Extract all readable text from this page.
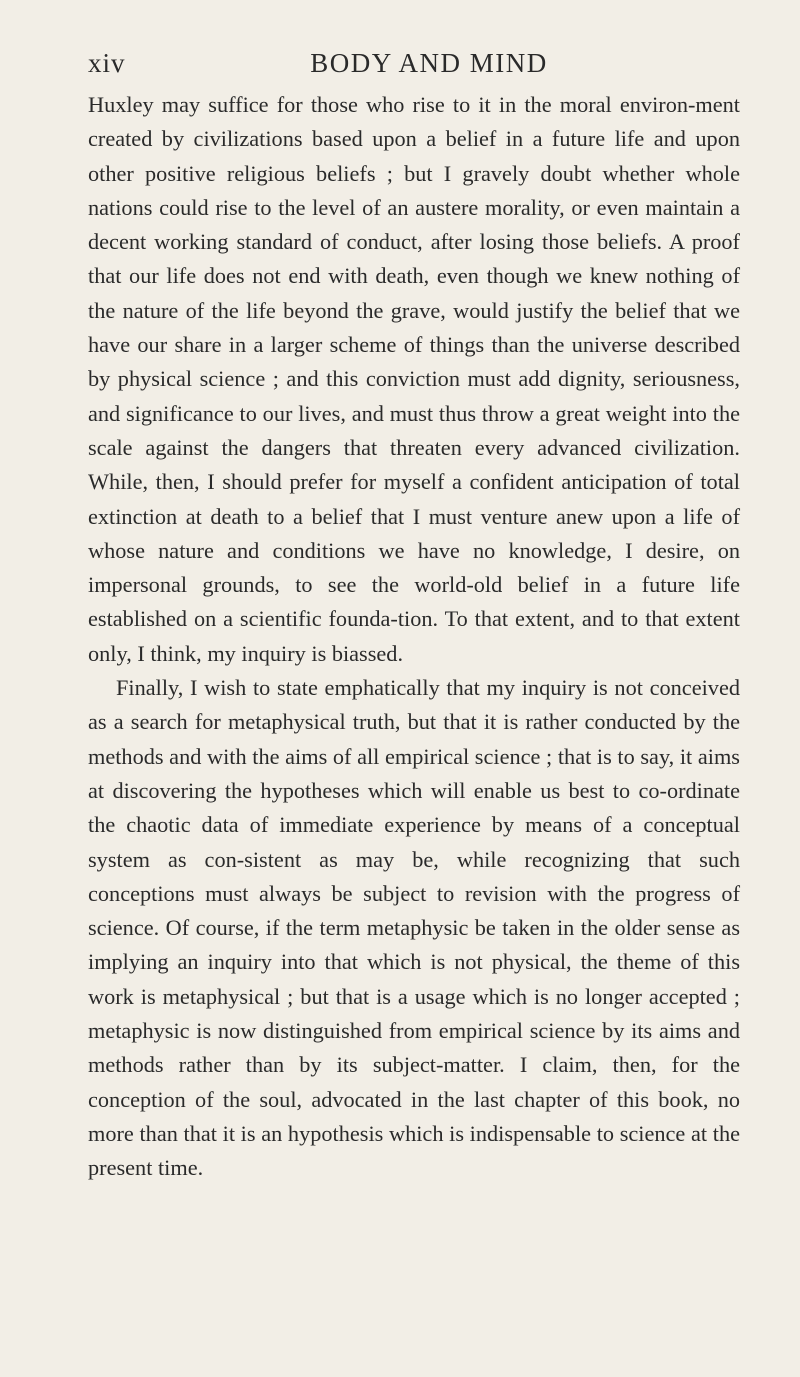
xiv	BODY AND MIND

Huxley may suffice for those who rise to it in the moral environ-ment created by civilizations based upon a belief in a future life and upon other positive religious beliefs ; but I gravely doubt whether whole nations could rise to the level of an austere morality, or even maintain a decent working standard of conduct, after losing those beliefs. A proof that our life does not end with death, even though we knew nothing of the nature of the life beyond the grave, would justify the belief that we have our share in a larger scheme of things than the universe described by physical science ; and this conviction must add dignity, seriousness, and significance to our lives, and must thus throw a great weight into the scale against the dangers that threaten every advanced civilization. While, then, I should prefer for myself a confident anticipation of total extinction at death to a belief that I must venture anew upon a life of whose nature and conditions we have no knowledge, I desire, on impersonal grounds, to see the world-old belief in a future life established on a scientific founda-tion. To that extent, and to that extent only, I think, my inquiry is biassed.

Finally, I wish to state emphatically that my inquiry is not conceived as a search for metaphysical truth, but that it is rather conducted by the methods and with the aims of all empirical science ; that is to say, it aims at discovering the hypotheses which will enable us best to co-ordinate the chaotic data of immediate experience by means of a conceptual system as con-sistent as may be, while recognizing that such conceptions must always be subject to revision with the progress of science. Of course, if the term metaphysic be taken in the older sense as implying an inquiry into that which is not physical, the theme of this work is metaphysical ; but that is a usage which is no longer accepted ; metaphysic is now distinguished from empirical science by its aims and methods rather than by its subject-matter. I claim, then, for the conception of the soul, advocated in the last chapter of this book, no more than that it is an hypothesis which is indispensable to science at the present time.
